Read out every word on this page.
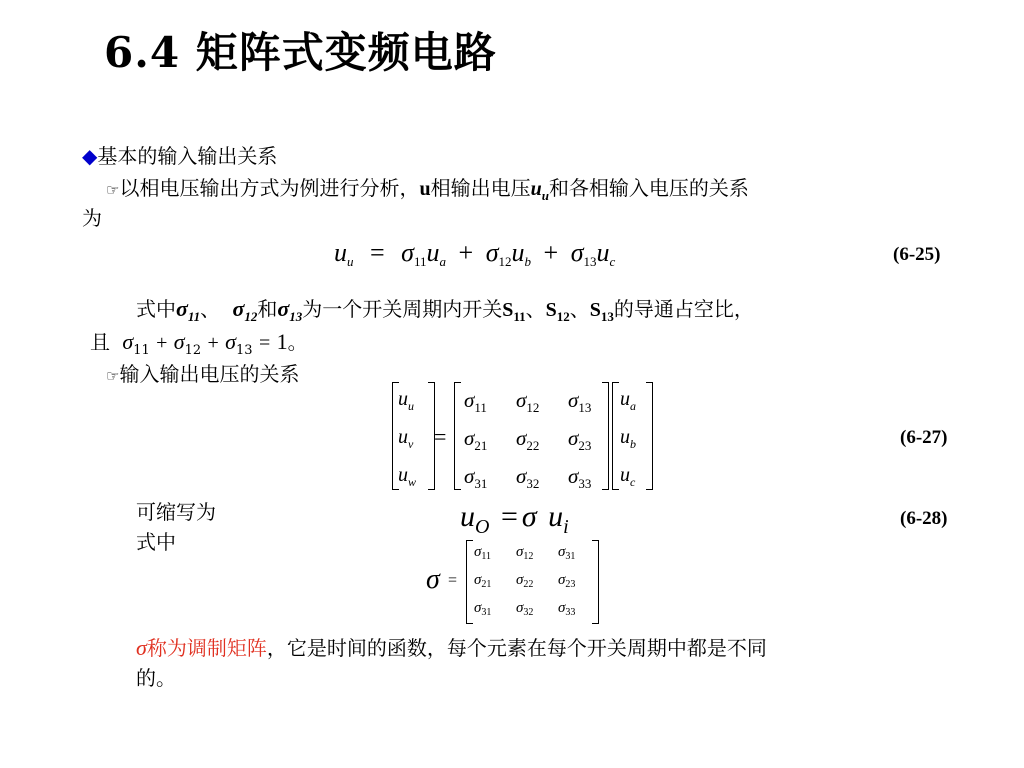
6.4 矩阵式变频电路
◆基本的输入输出关系
☞以相电压输出方式为例进行分析，u相输出电压$u_u$和各相输入电压的关系
为
uu = $\sigma_{11}ua + \sigma_{12}ub + \sigma_{13}uc$	(6-25)
式中$\sigma_{11}$、 $\sigma_{12}$和$\sigma_{13}$为一个开关周期内开关$S_{11}$、$S_{12}$、$S_{13}$的导通占空比，
且 $\sigma_{11} + \sigma_{12} + \sigma_{13} = 1$。
☞输入输出电压的关系
$u_u$
$u_v$
$u_w$
=
$\sigma_{11}$ $\sigma_{12}$ $\sigma_{13}$
$\sigma_{21}$ $\sigma_{22}$ $\sigma_{23}$
$\sigma_{31}$ $\sigma_{32}$ $\sigma_{33}$
$u_a$
$u_b$
$u_c$
(6-27)
可缩写为
式中
$u_O = \sigma$ $u_i$	(6-28)
σ =
$\sigma_{11}$ $\sigma_{12}$ $\sigma_{31}$
$\sigma_{21}$ $\sigma_{22}$ $\sigma_{23}$
$\sigma_{31}$ $\sigma_{32}$ $\sigma_{33}$
σ称为调制矩阵，它是时间的函数，每个元素在每个开关周期中都是不同
的。
